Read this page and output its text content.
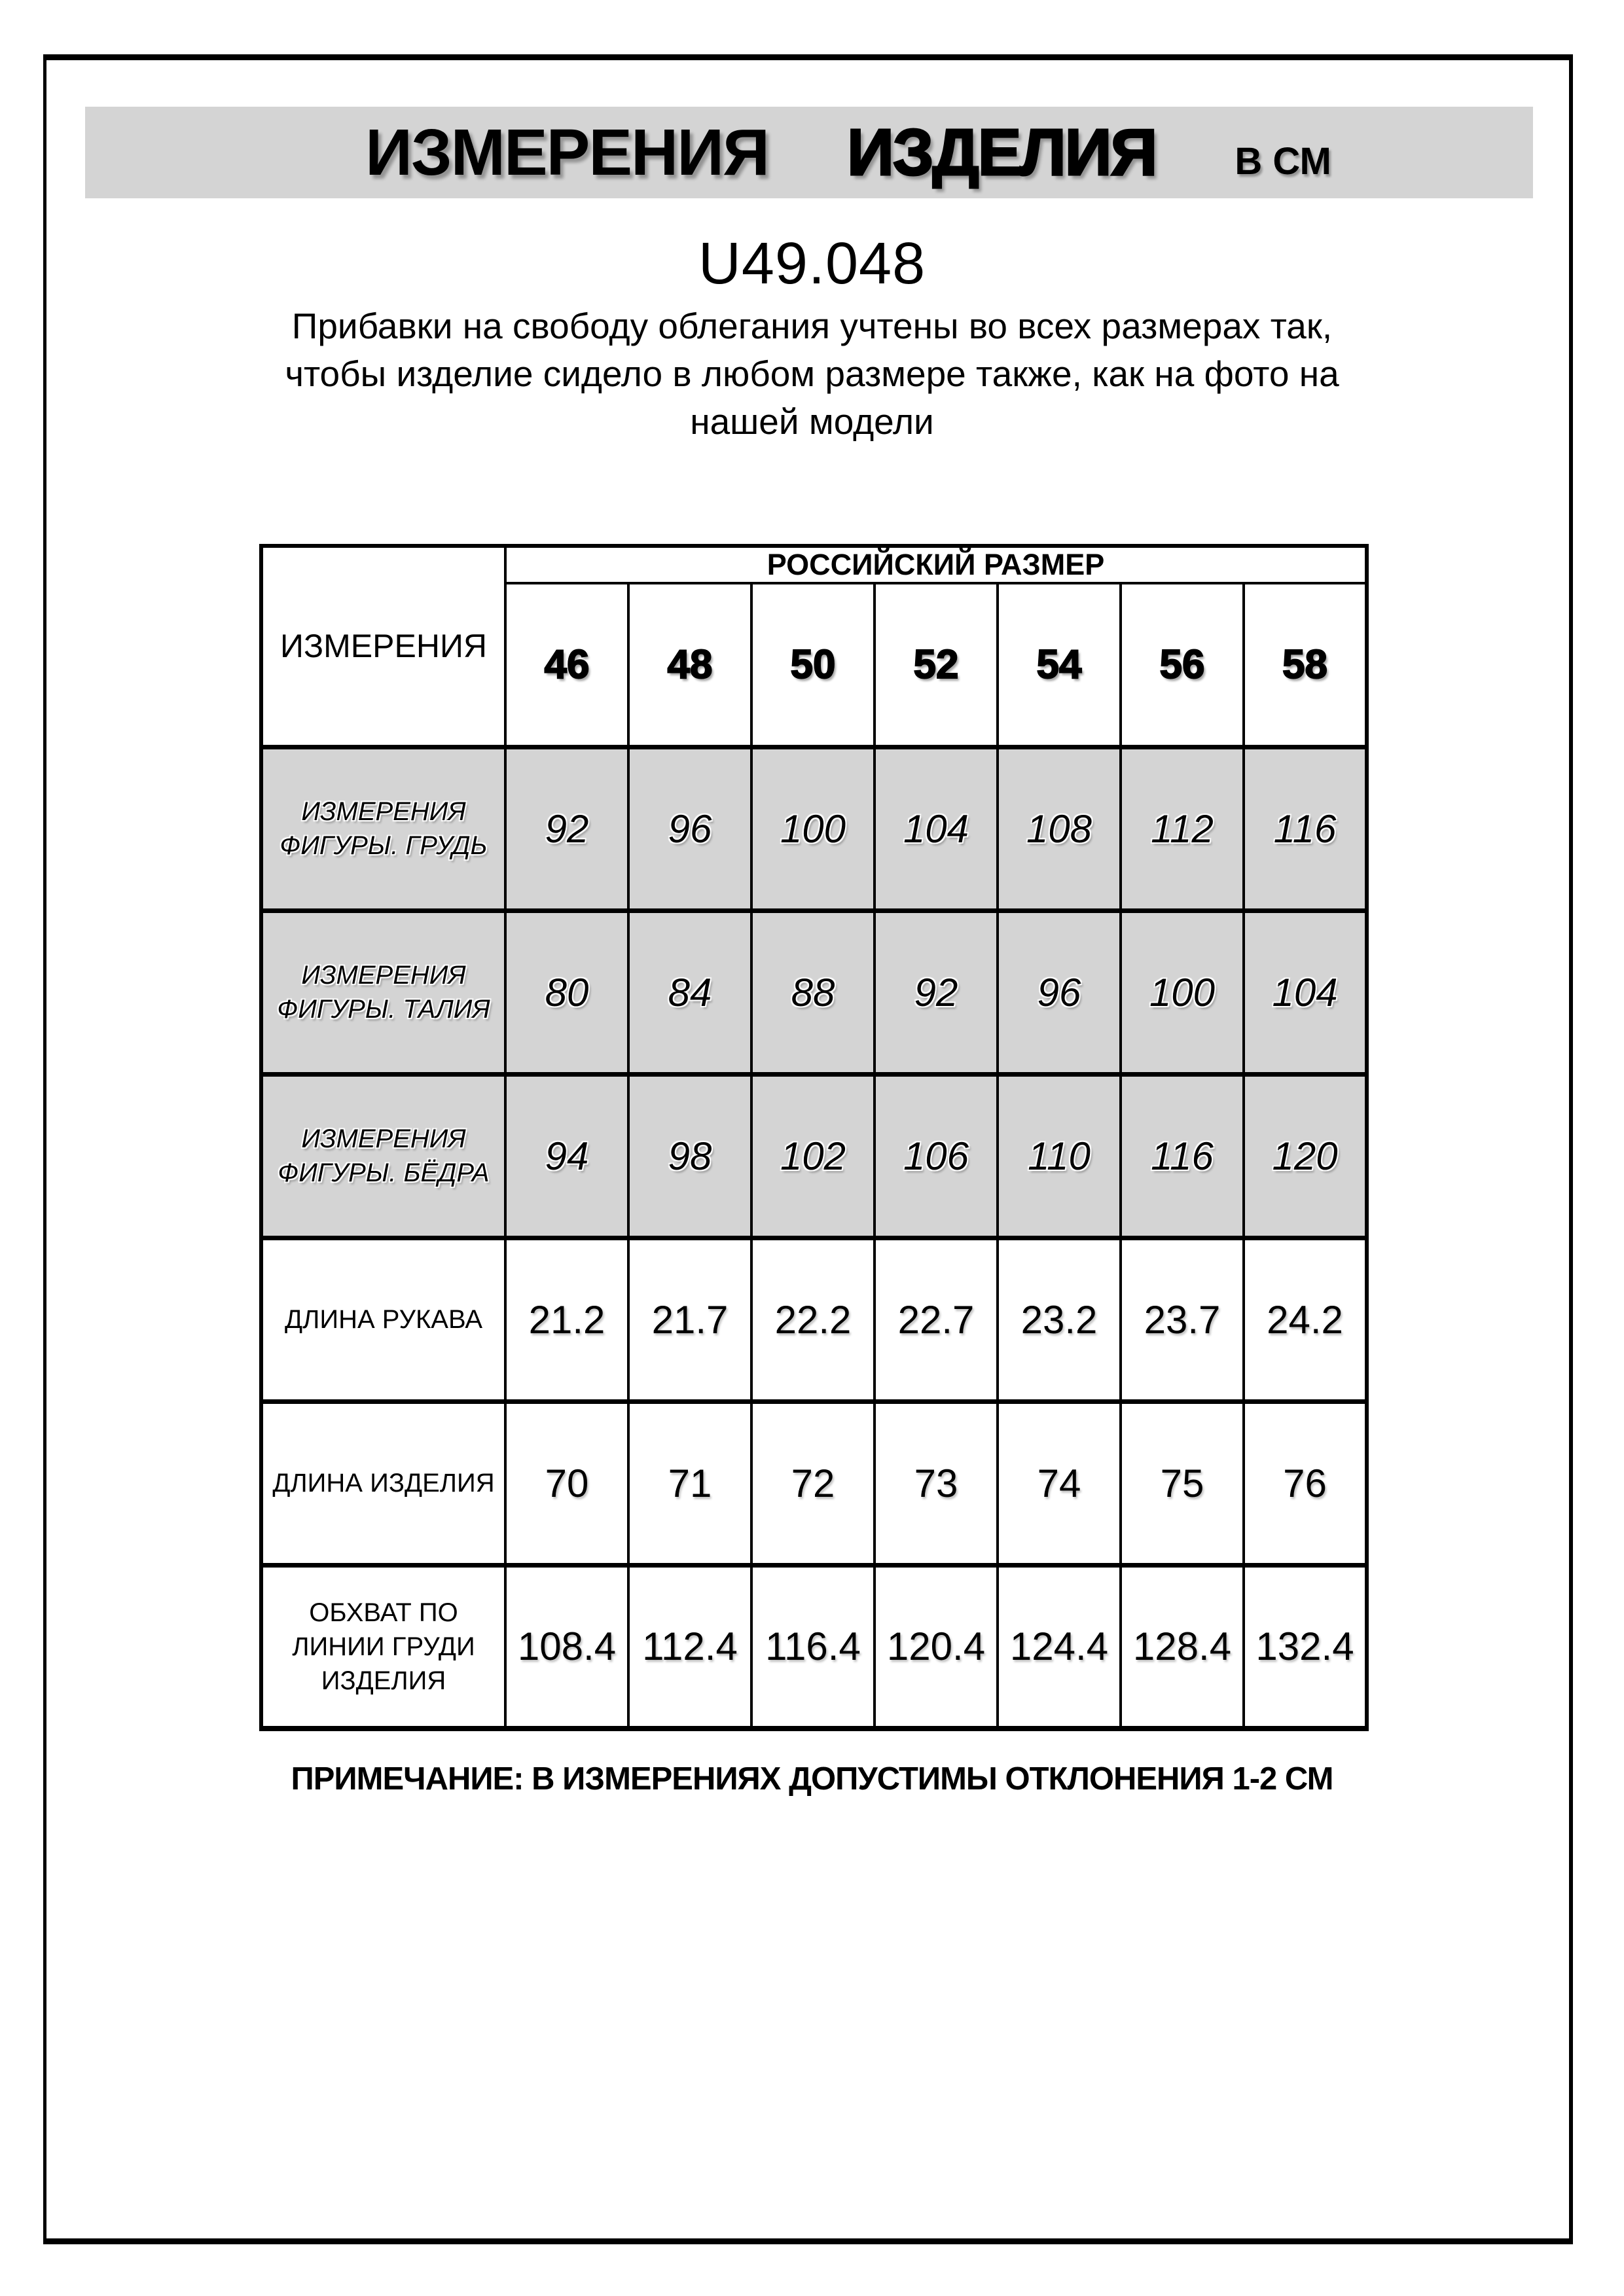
ИЗМЕРЕНИЯ ИЗДЕЛИЯ В СМ
U49.048
Прибавки на свободу облегания учтены во всех размерах так,
чтобы изделие сидело в любом размере также, как на фото на
нашей модели
ИЗМЕРЕНИЯ	РОССИЙСКИЙ РАЗМЕР						
	46	48	50	52	54	56	58
ИЗМЕРЕНИЯ ФИГУРЫ. ГРУДЬ	92	96	100	104	108	112	116
ИЗМЕРЕНИЯ ФИГУРЫ. ТАЛИЯ	80	84	88	92	96	100	104
ИЗМЕРЕНИЯ ФИГУРЫ. БЁДРА	94	98	102	106	110	116	120
ДЛИНА РУКАВА	21.2	21.7	22.2	22.7	23.2	23.7	24.2
ДЛИНА ИЗДЕЛИЯ	70	71	72	73	74	75	76
ОБХВАТ ПО ЛИНИИ ГРУДИ ИЗДЕЛИЯ	108.4	112.4	116.4	120.4	124.4	128.4	132.4
ПРИМЕЧАНИЕ: В ИЗМЕРЕНИЯХ ДОПУСТИМЫ ОТКЛОНЕНИЯ 1-2 СМ
